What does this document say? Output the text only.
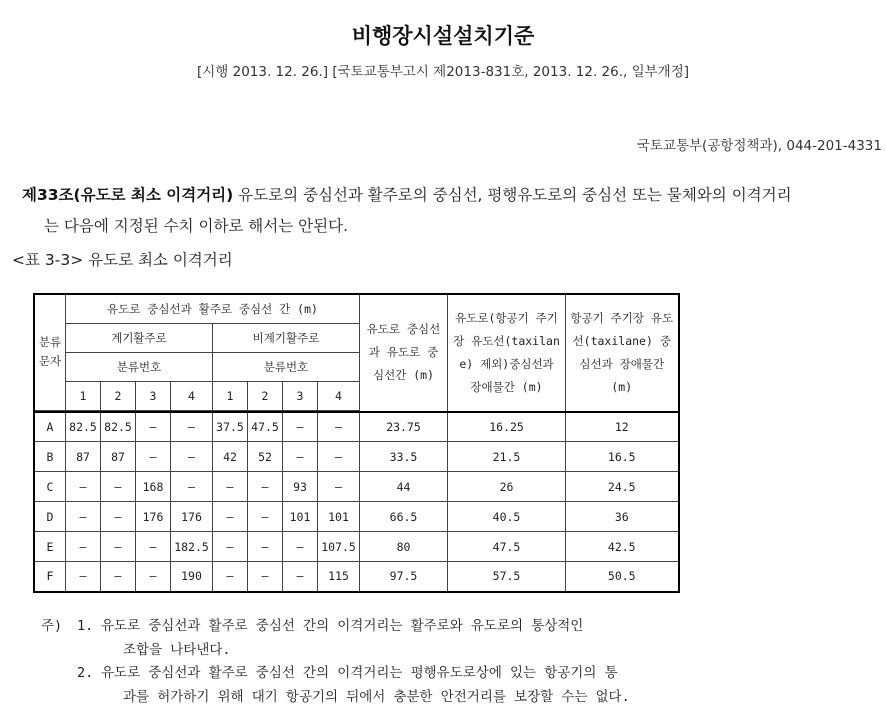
비행장시설설치기준
[시행 2013. 12. 26.] [국토교통부고시 제2013-831호, 2013. 12. 26., 일부개정]
국토교통부(공항정책과), 044-201-4331
제33조(유도로 최소 이격거리) 유도로의 중심선과 활주로의 중심선, 평행유도로의 중심선 또는 물체와의 이격거리
는 다음에 지정된 수치 이하로 해서는 안된다.
<표 3-3> 유도로 최소 이격거리
분류문자	유도로 중심선과 활주로 중심선 간 (m)								유도로 중심선과 유도로 중심선간 (m)	유도로(항공기 주기장 유도선(taxilane) 제외)중심선과 장애물간 (m)	항공기 주기장 유도선(taxilane) 중심선과 장애물간 (m)
	계기활주로				비계기활주로						
	분류번호				분류번호						
	1	2	3	4	1	2	3	4			

A	82.5	82.5	–	–	37.5	47.5	–	–	23.75	16.25	12
B	87	87	–	–	42	52	–	–	33.5	21.5	16.5
C	–	–	168	–	–	–	93	–	44	26	24.5
D	–	–	176	176	–	–	101	101	66.5	40.5	36
E	–	–	–	182.5	–	–	–	107.5	80	47.5	42.5
F	–	–	–	190	–	–	–	115	97.5	57.5	50.5
주)	1. 유도로 중심선과 활주로 중심선 간의 이격거리는 활주로와 유도로의 통상적인
조합을 나타낸다.
2. 유도로 중심선과 활주로 중심선 간의 이격거리는 평행유도로상에 있는 항공기의 통
과를 허가하기 위해 대기 항공기의 뒤에서 충분한 안전거리를 보장할 수는 없다.
